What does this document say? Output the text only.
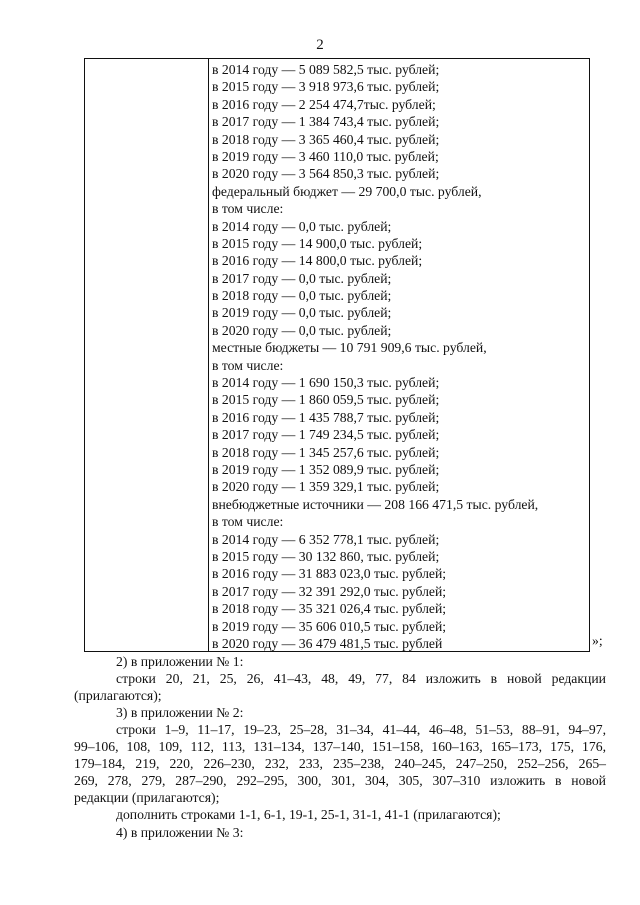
2
в 2014 году — 5 089 582,5 тыс. рублей;
в 2015 году — 3 918 973,6 тыс. рублей;
в 2016 году — 2 254 474,7тыс. рублей;
в 2017 году — 1 384 743,4 тыс. рублей;
в 2018 году — 3 365 460,4 тыс. рублей;
в 2019 году — 3 460 110,0 тыс. рублей;
в 2020 году — 3 564 850,3 тыс. рублей;
федеральный бюджет — 29 700,0 тыс. рублей,
в том числе:
в 2014 году — 0,0 тыс. рублей;
в 2015 году — 14 900,0 тыс. рублей;
в 2016 году — 14 800,0 тыс. рублей;
в 2017 году — 0,0 тыс. рублей;
в 2018 году — 0,0 тыс. рублей;
в 2019 году — 0,0 тыс. рублей;
в 2020 году — 0,0 тыс. рублей;
местные бюджеты — 10 791 909,6 тыс. рублей,
в том числе:
в 2014 году — 1 690 150,3 тыс. рублей;
в 2015 году — 1 860 059,5 тыс. рублей;
в 2016 году — 1 435 788,7 тыс. рублей;
в 2017 году — 1 749 234,5 тыс. рублей;
в 2018 году — 1 345 257,6 тыс. рублей;
в 2019 году — 1 352 089,9 тыс. рублей;
в 2020 году — 1 359 329,1 тыс. рублей;
внебюджетные источники — 208 166 471,5 тыс. рублей,
в том числе:
в 2014 году — 6 352 778,1 тыс. рублей;
в 2015 году — 30 132 860, тыс. рублей;
в 2016 году — 31 883 023,0 тыс. рублей;
в 2017 году — 32 391 292,0 тыс. рублей;
в 2018 году — 35 321 026,4 тыс. рублей;
в 2019 году — 35 606 010,5 тыс. рублей;
в 2020 году — 36 479 481,5 тыс. рублей	»;
2) в приложении № 1:
строки 20, 21, 25, 26, 41–43, 48, 49, 77, 84 изложить в новой редакции
(прилагаются);
3) в приложении № 2:
строки 1–9, 11–17, 19–23, 25–28, 31–34, 41–44, 46–48, 51–53, 88–91, 94–97,
99–106, 108, 109, 112, 113, 131–134, 137–140, 151–158, 160–163, 165–173, 175, 176,
179–184, 219, 220, 226–230, 232, 233, 235–238, 240–245, 247–250, 252–256, 265–
269, 278, 279, 287–290, 292–295, 300, 301, 304, 305, 307–310 изложить в новой
редакции (прилагаются);
дополнить строками 1-1, 6-1, 19-1, 25-1, 31-1, 41-1 (прилагаются);
4) в приложении № 3:
